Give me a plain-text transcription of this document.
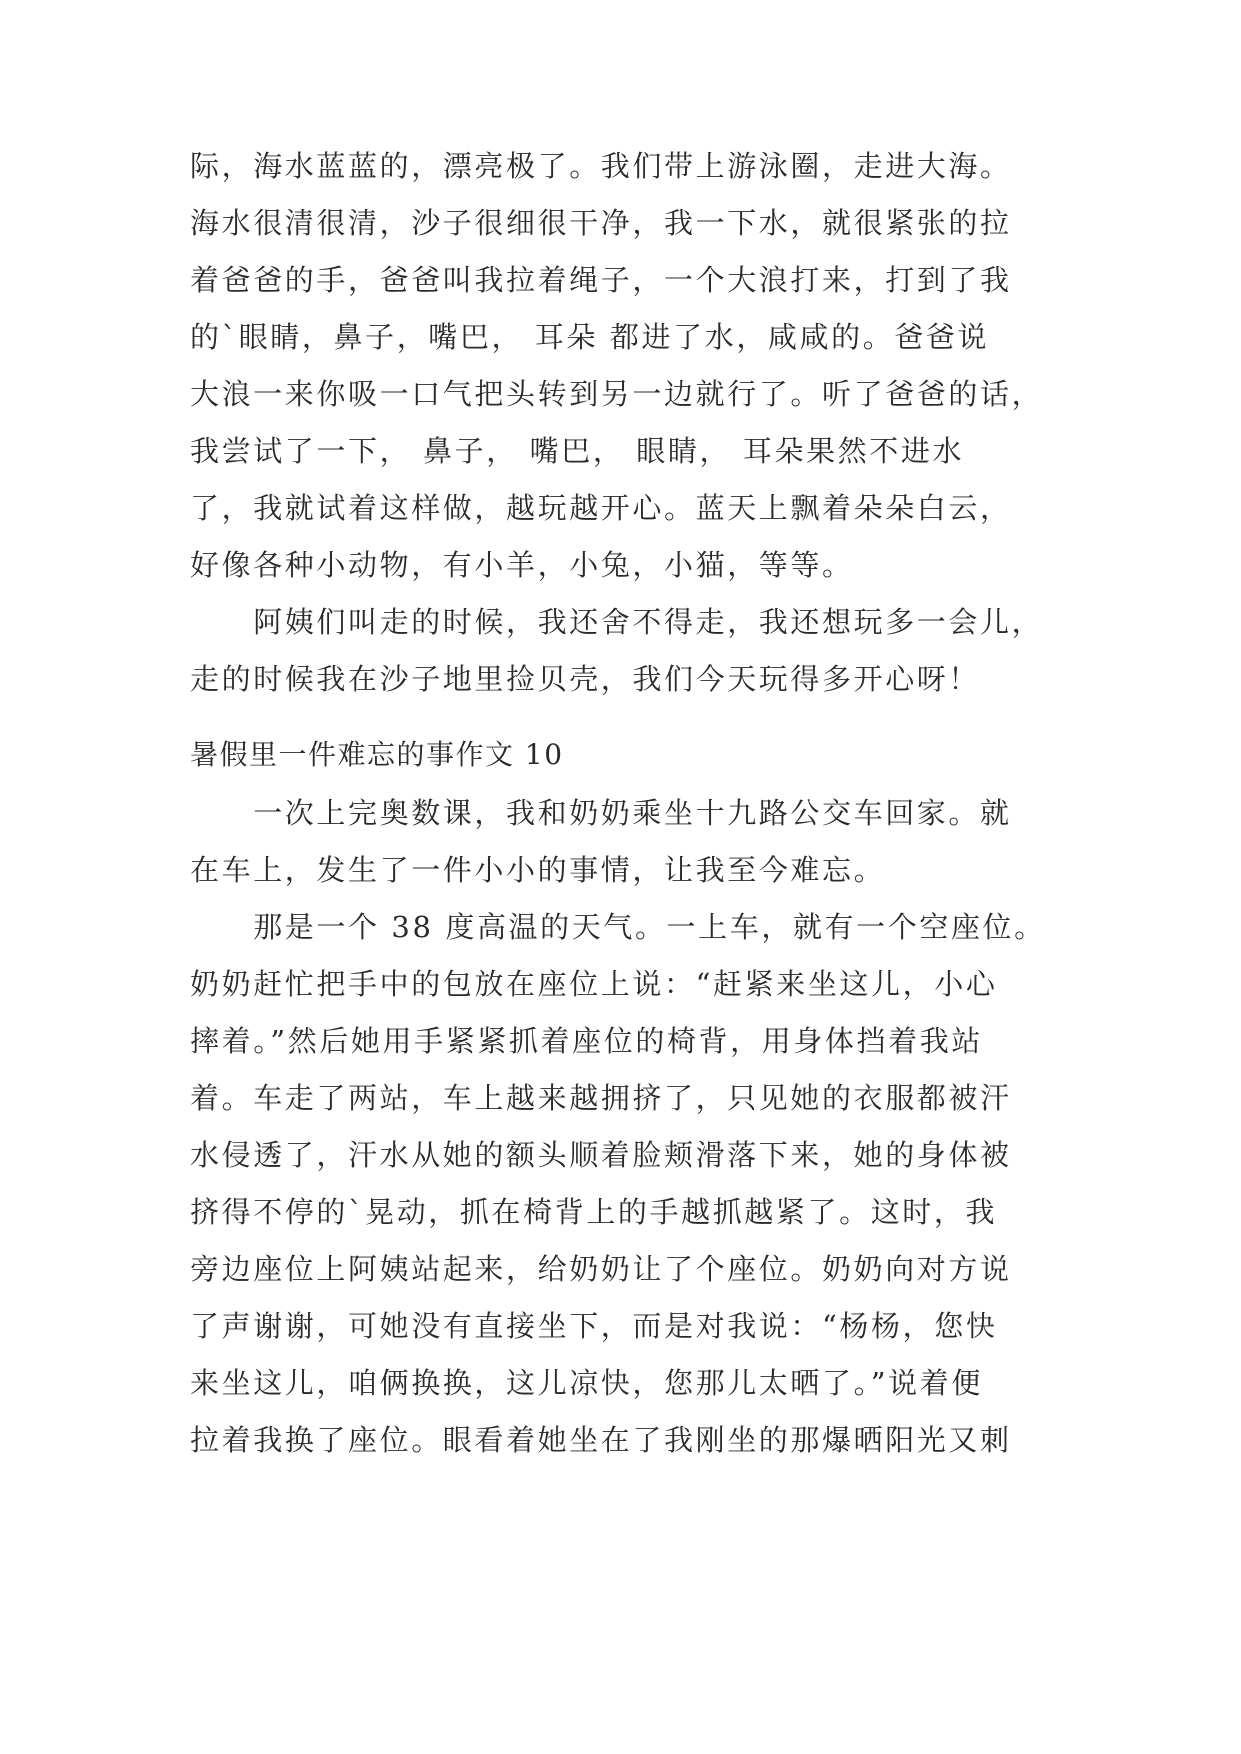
际，海水蓝蓝的，漂亮极了。我们带上游泳圈，走进大海。
海水很清很清，沙子很细很干净，我一下水，就很紧张的拉
着爸爸的手，爸爸叫我拉着绳子，一个大浪打来，打到了我
的`眼睛，鼻子，嘴巴， 耳朵 都进了水，咸咸的。爸爸说
大浪一来你吸一口气把头转到另一边就行了。听了爸爸的话，
我尝试了一下， 鼻子， 嘴巴， 眼睛， 耳朵果然不进水
了，我就试着这样做，越玩越开心。蓝天上飘着朵朵白云，
好像各种小动物，有小羊，小兔，小猫，等等。
　　阿姨们叫走的时候，我还舍不得走，我还想玩多一会儿，
走的时候我在沙子地里捡贝壳，我们今天玩得多开心呀！
暑假里一件难忘的事作文 10
　　一次上完奥数课，我和奶奶乘坐十九路公交车回家。就
在车上，发生了一件小小的事情，让我至今难忘。
　　那是一个 38 度高温的天气。一上车，就有一个空座位。
奶奶赶忙把手中的包放在座位上说：“赶紧来坐这儿，小心
摔着。”然后她用手紧紧抓着座位的椅背，用身体挡着我站
着。车走了两站，车上越来越拥挤了，只见她的衣服都被汗
水侵透了，汗水从她的额头顺着脸颊滑落下来，她的身体被
挤得不停的`晃动，抓在椅背上的手越抓越紧了。这时，我
旁边座位上阿姨站起来，给奶奶让了个座位。奶奶向对方说
了声谢谢，可她没有直接坐下，而是对我说：“杨杨，您快
来坐这儿，咱俩换换，这儿凉快，您那儿太晒了。”说着便
拉着我换了座位。眼看着她坐在了我刚坐的那爆晒阳光又刺
